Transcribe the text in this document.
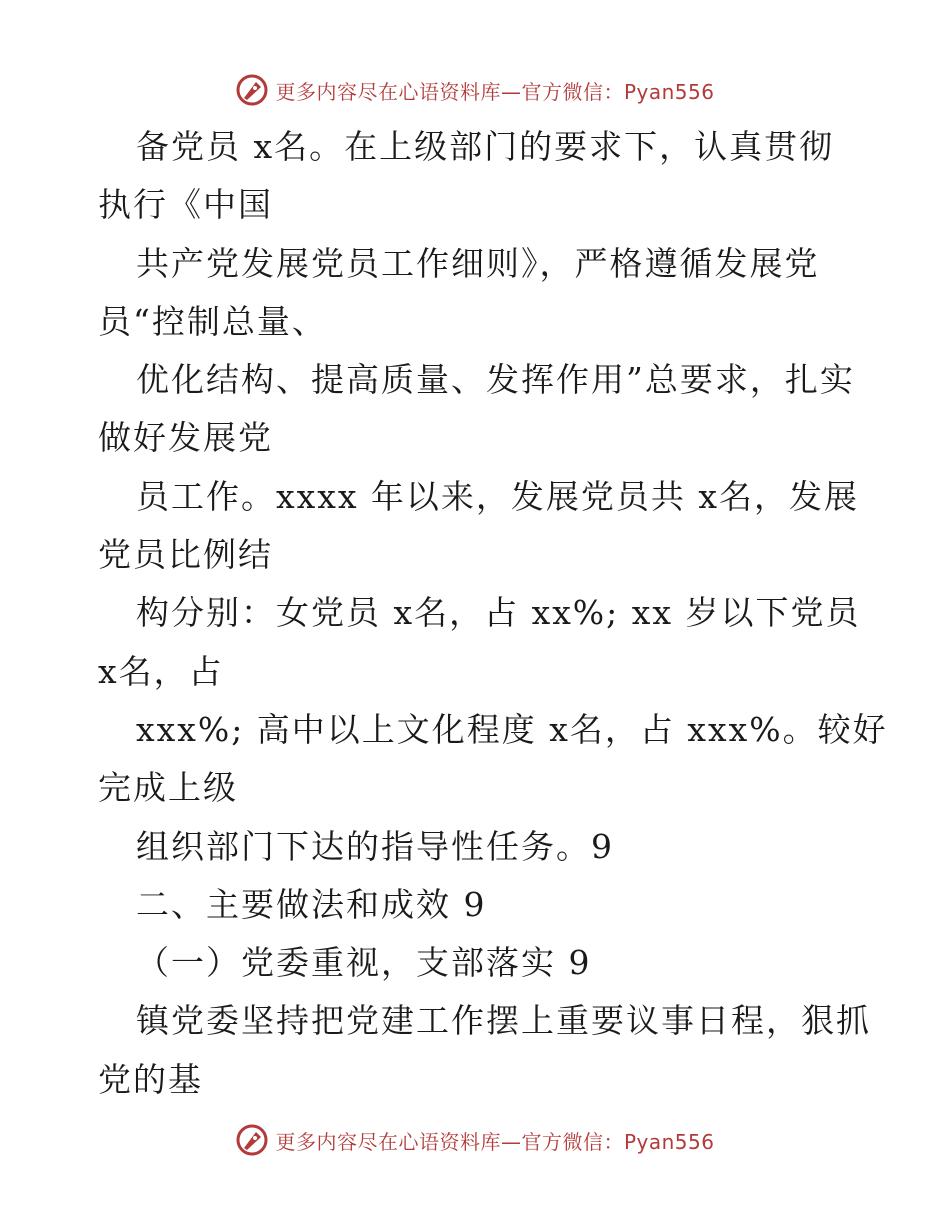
更多内容尽在心语资料库—官方微信：Pyan556
备党员 x名。在上级部门的要求下，认真贯彻
执行《中国
共产党发展党员工作细则》，严格遵循发展党
员“控制总量、
优化结构、提高质量、发挥作用”总要求，扎实
做好发展党
员工作。xxxx 年以来，发展党员共 x名，发展
党员比例结
构分别：女党员 x名，占 xx%; xx 岁以下党员
x名，占
xxx%; 高中以上文化程度 x名，占 xxx%。较好
完成上级
组织部门下达的指导性任务。9
二、主要做法和成效 9
（一）党委重视，支部落实 9
镇党委坚持把党建工作摆上重要议事日程，狠抓
党的基
更多内容尽在心语资料库—官方微信：Pyan556
